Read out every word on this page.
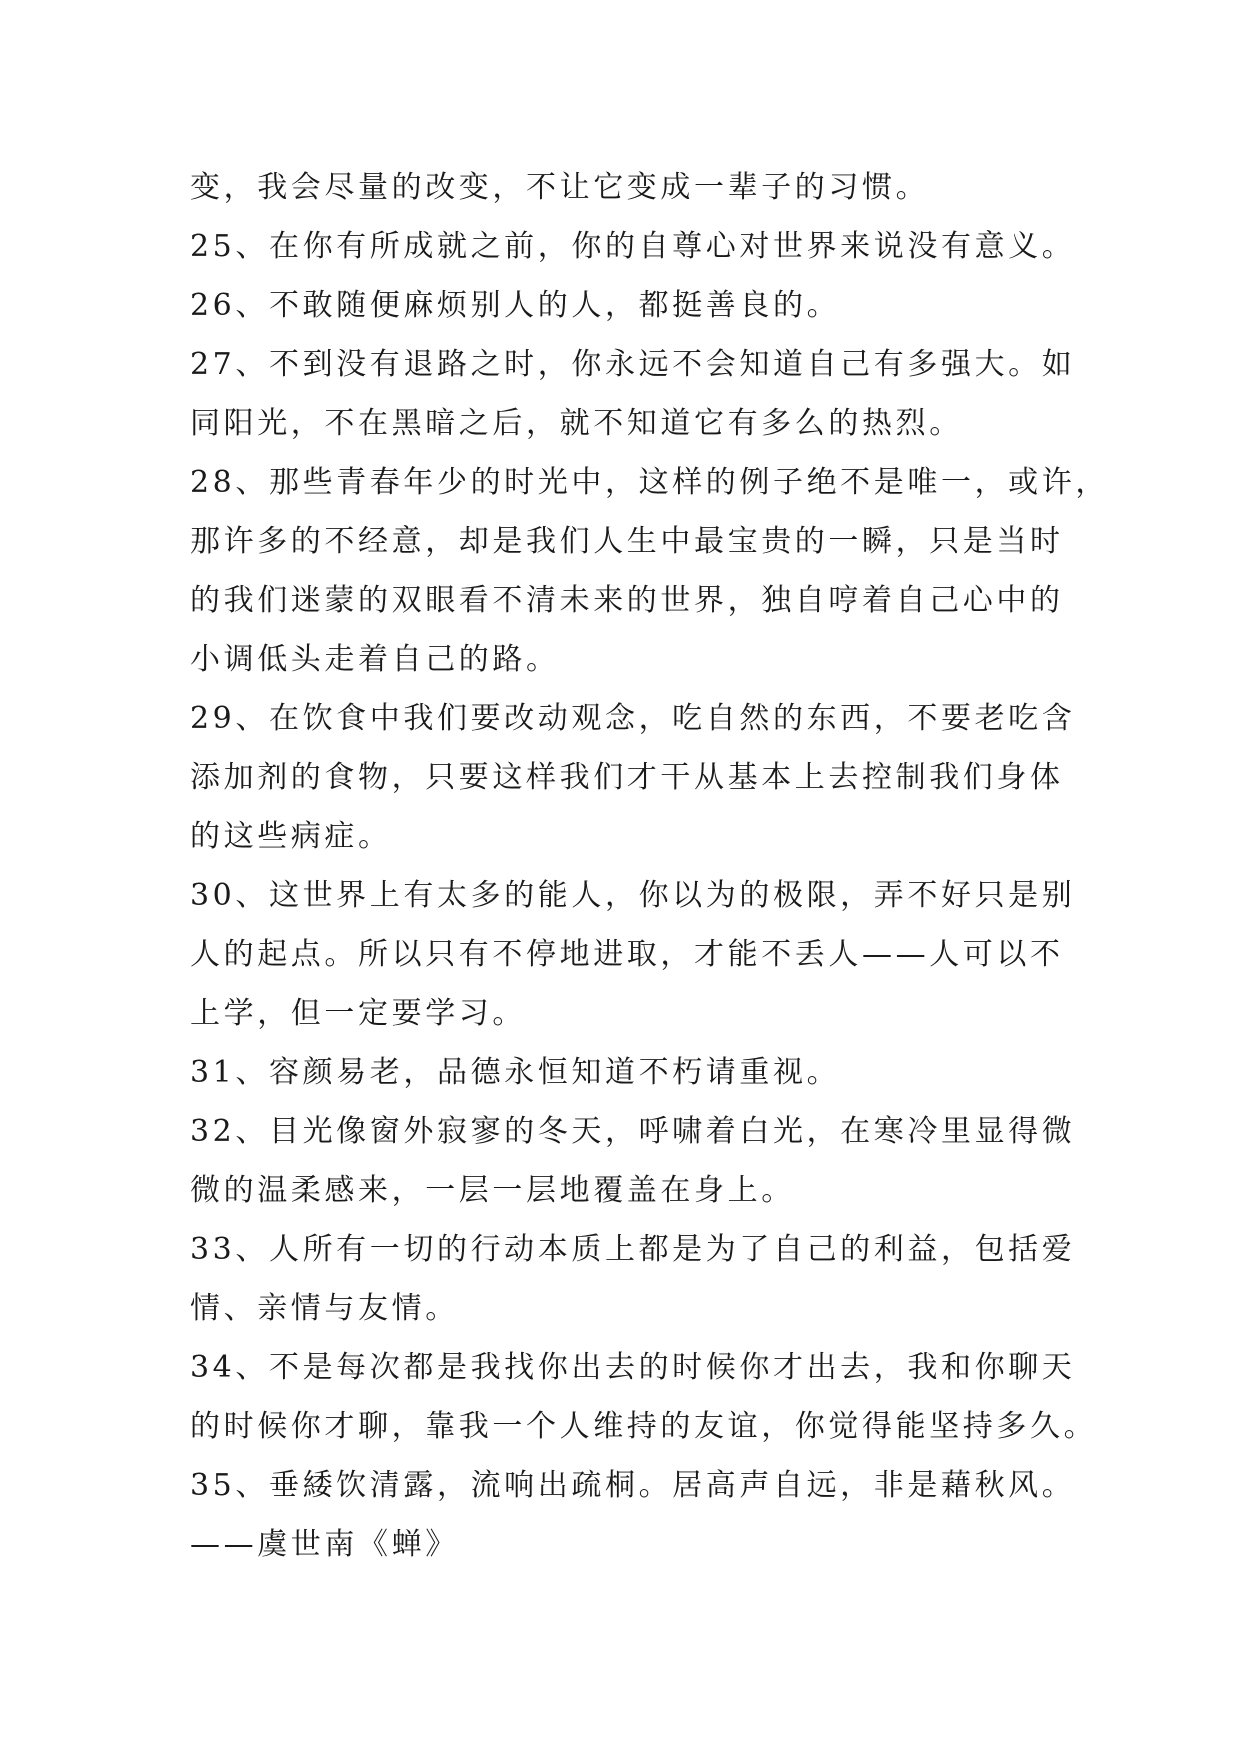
变，我会尽量的改变，不让它变成一辈子的习惯。
25、在你有所成就之前，你的自尊心对世界来说没有意义。
26、不敢随便麻烦别人的人，都挺善良的。
27、不到没有退路之时，你永远不会知道自己有多强大。如
同阳光，不在黑暗之后，就不知道它有多么的热烈。
28、那些青春年少的时光中，这样的例子绝不是唯一，或许，
那许多的不经意，却是我们人生中最宝贵的一瞬，只是当时
的我们迷蒙的双眼看不清未来的世界，独自哼着自己心中的
小调低头走着自己的路。
29、在饮食中我们要改动观念，吃自然的东西，不要老吃含
添加剂的食物，只要这样我们才干从基本上去控制我们身体
的这些病症。
30、这世界上有太多的能人，你以为的极限，弄不好只是别
人的起点。所以只有不停地进取，才能不丢人——人可以不
上学，但一定要学习。
31、容颜易老，品德永恒知道不朽请重视。
32、目光像窗外寂寥的冬天，呼啸着白光，在寒冷里显得微
微的温柔感来，一层一层地覆盖在身上。
33、人所有一切的行动本质上都是为了自己的利益，包括爱
情、亲情与友情。
34、不是每次都是我找你出去的时候你才出去，我和你聊天
的时候你才聊，靠我一个人维持的友谊，你觉得能坚持多久。
35、垂緌饮清露，流响出疏桐。居高声自远，非是藉秋风。
——虞世南《蝉》
